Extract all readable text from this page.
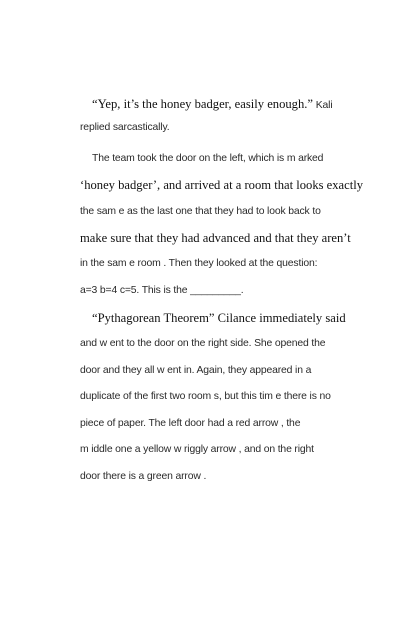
“Yep, it’s the honey badger, easily enough.” Kali
replied sarcastically.
The team took the door on the left, which is m arked
‘honey badger’, and arrived at a room that looks exactly
the sam e as the last one that they had to look back to
make sure that they had advanced and that they aren’t
in the sam e room . Then they looked at the question:
a=3 b=4 c=5. This is the _________.
“Pythagorean Theorem” Cilance immediately said
and w ent to the door on the right side. She opened the
door and they all w ent in. Again, they appeared in a
duplicate of the first two room s, but this tim e there is no
piece of paper. The left door had a red arrow , the
m iddle one a yellow w riggly arrow , and on the right
door there is a green arrow .
